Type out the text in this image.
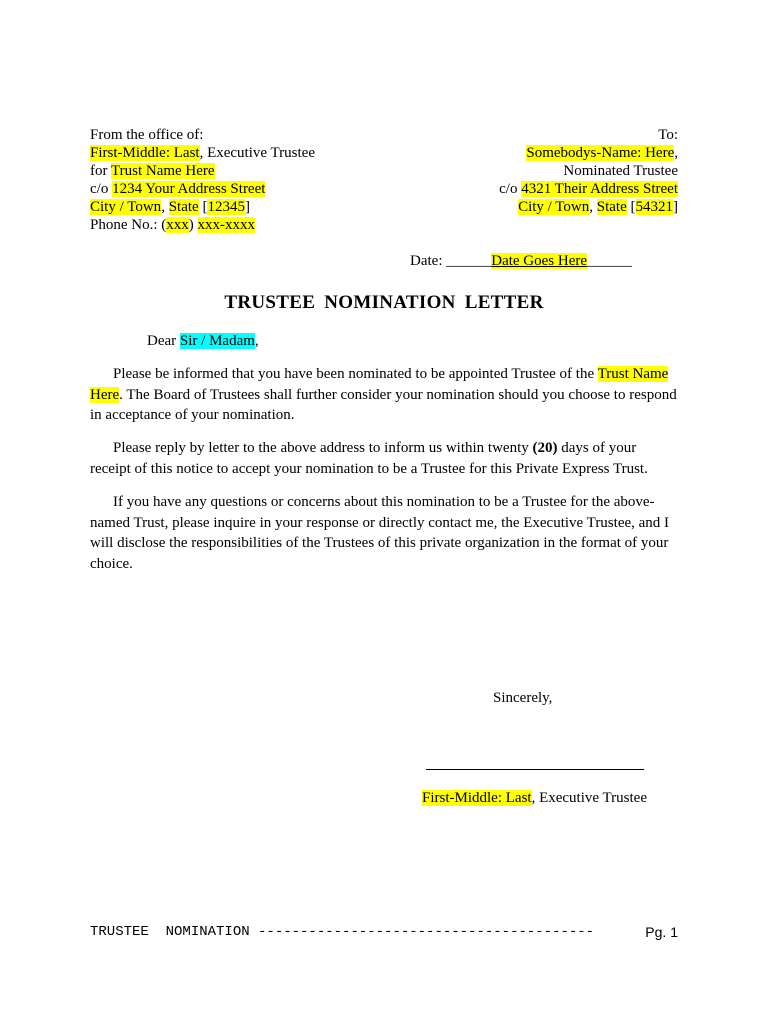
From the office of:
First-Middle: Last, Executive Trustee
for Trust Name Here
c/o 1234 Your Address Street
City / Town, State [12345]
Phone No.: (xxx) xxx-xxxx
To:
Somebodys-Name: Here,
Nominated Trustee
c/o 4321 Their Address Street
City / Town, State [54321]
Date: ______Date Goes Here______
TRUSTEE NOMINATION LETTER
Dear Sir / Madam,
Please be informed that you have been nominated to be appointed Trustee of the Trust Name Here. The Board of Trustees shall further consider your nomination should you choose to respond in acceptance of your nomination.
Please reply by letter to the above address to inform us within twenty (20) days of your receipt of this notice to accept your nomination to be a Trustee for this Private Express Trust.
If you have any questions or concerns about this nomination to be a Trustee for the above-named Trust, please inquire in your response or directly contact me, the Executive Trustee, and I will disclose the responsibilities of the Trustees of this private organization in the format of your choice.
Sincerely,
First-Middle: Last, Executive Trustee
TRUSTEE  NOMINATION ----------------------------------------	Pg. 1
